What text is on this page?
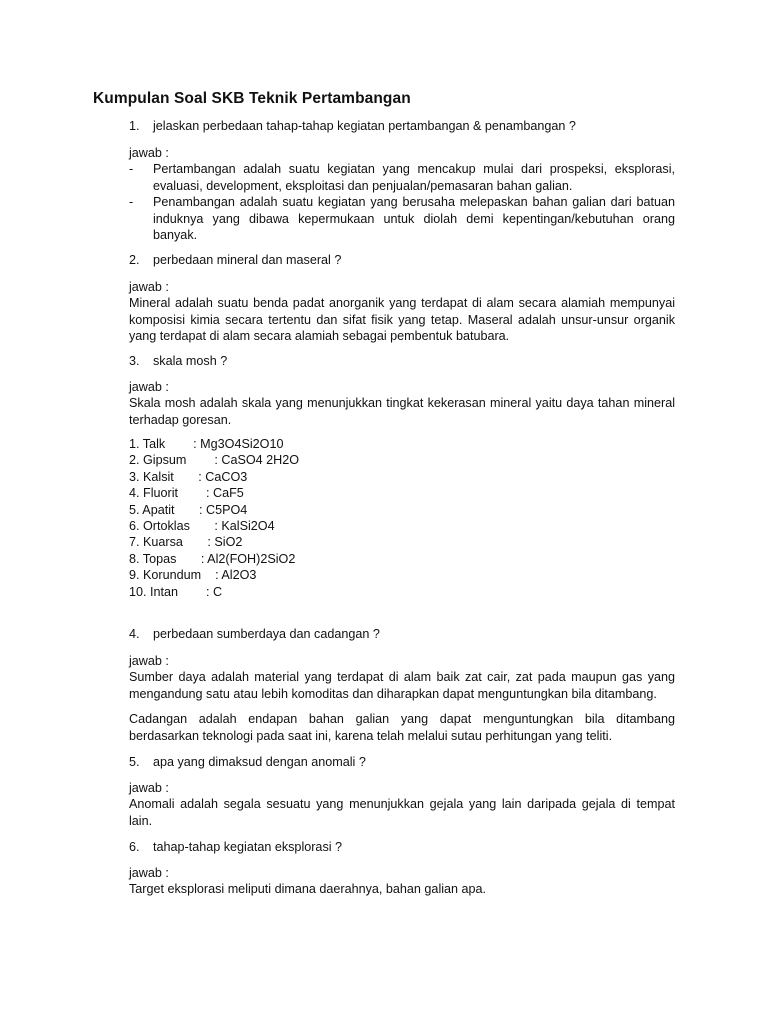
Kumpulan Soal SKB Teknik Pertambangan
1. jelaskan perbedaan tahap-tahap kegiatan pertambangan & penambangan ?
jawab :
- Pertambangan adalah suatu kegiatan yang mencakup mulai dari prospeksi, eksplorasi, evaluasi, development, eksploitasi dan penjualan/pemasaran bahan galian.
- Penambangan adalah suatu kegiatan yang berusaha melepaskan bahan galian dari batuan induknya yang dibawa kepermukaan untuk diolah demi kepentingan/kebutuhan orang banyak.
2. perbedaan mineral dan maseral ?
jawab :
Mineral adalah suatu benda padat anorganik yang terdapat di alam secara alamiah mempunyai komposisi kimia secara tertentu dan sifat fisik yang tetap. Maseral adalah unsur-unsur organik yang terdapat di alam secara alamiah sebagai pembentuk batubara.
3. skala mosh ?
jawab :
Skala mosh adalah skala yang menunjukkan tingkat kekerasan mineral yaitu daya tahan mineral terhadap goresan.
1. Talk        : Mg3O4Si2O10
2. Gipsum        : CaSO4 2H2O
3. Kalsit       : CaCO3
4. Fluorit        : CaF5
5. Apatit       : C5PO4
6. Ortoklas       : KalSi2O4
7. Kuarsa       : SiO2
8. Topas       : Al2(FOH)2SiO2
9. Korundum    : Al2O3
10. Intan        : C
4. perbedaan sumberdaya dan cadangan ?
jawab :
Sumber daya adalah material yang terdapat di alam baik zat cair, zat pada maupun gas yang mengandung satu atau lebih komoditas dan diharapkan dapat menguntungkan bila ditambang.
Cadangan adalah endapan bahan galian yang dapat menguntungkan bila ditambang berdasarkan teknologi pada saat ini, karena telah melalui sutau perhitungan yang teliti.
5. apa yang dimaksud dengan anomali ?
jawab :
Anomali adalah segala sesuatu yang menunjukkan gejala yang lain daripada gejala di tempat lain.
6. tahap-tahap kegiatan eksplorasi ?
jawab :
Target eksplorasi meliputi dimana daerahnya, bahan galian apa.
